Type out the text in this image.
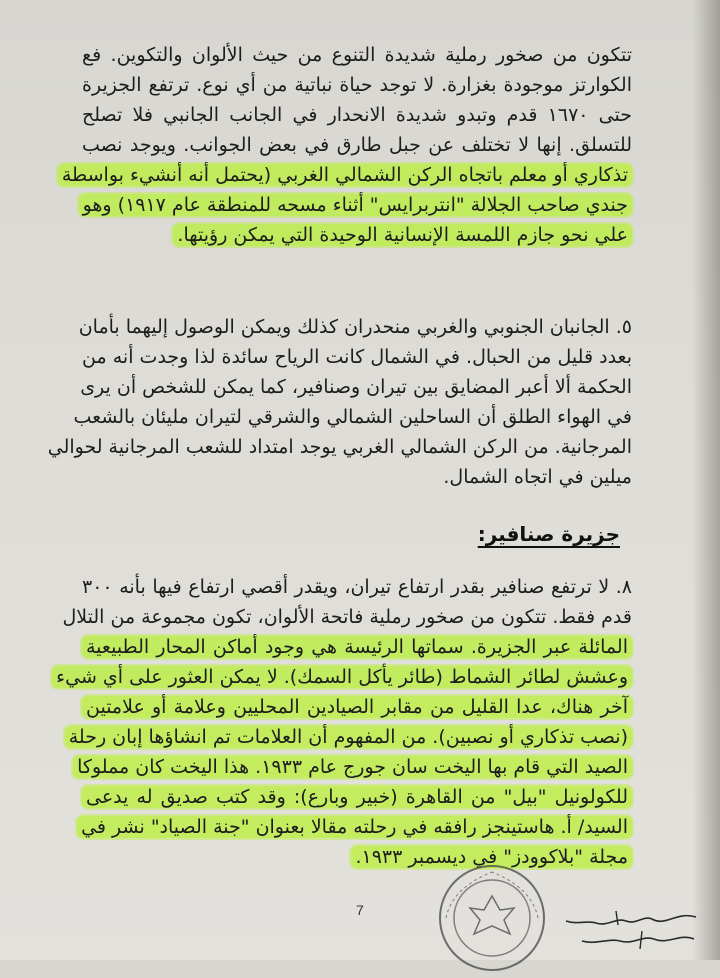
تتكون من صخور رملية شديدة التنوع من حيث الألوان والتكوين. فع
الكوارتز موجودة بغزارة. لا توجد حياة نباتية من أي نوع. ترتفع الجزيرة
حتى ١٦٧٠ قدم وتبدو شديدة الانحدار في الجانب الجانبي فلا تصلح
للتسلق. إنها لا تختلف عن جبل طارق في بعض الجوانب. ويوجد نصب
تذكاري أو معلم باتجاه الركن الشمالي الغربي (يحتمل أنه أنشيء بواسطة
جندي صاحب الجلالة "انتربرايس" أثناء مسحه للمنطقة عام ١٩١٧) وهو
علي نحو جازم اللمسة الإنسانية الوحيدة التي يمكن رؤيتها.
٥. الجانبان الجنوبي والغربي منحدران كذلك ويمكن الوصول إليهما بأمان
بعدد قليل من الحبال. في الشمال كانت الرياح سائدة لذا وجدت أنه من
الحكمة ألا أعبر المضايق بين تيران وصنافير، كما يمكن للشخص أن يرى
في الهواء الطلق أن الساحلين الشمالي والشرقي لتيران مليئان بالشعب
المرجانية. من الركن الشمالي الغربي يوجد امتداد للشعب المرجانية لحوالي
ميلين في اتجاه الشمال.
جزيرة صنافير:
٨. لا ترتفع صنافير بقدر ارتفاع تيران، ويقدر أقصي ارتفاع فيها بأنه ٣٠٠
قدم فقط. تتكون من صخور رملية فاتحة الألوان، تكون مجموعة من التلال
المائلة عبر الجزيرة. سماتها الرئيسة هي وجود أماكن المحار الطبيعية
وعشش لطائر الشماط (طائر يأكل السمك). لا يمكن العثور على أي شيء
آخر هناك، عدا القليل من مقابر الصيادين المحليين وعلامة أو علامتين
(نصب تذكاري أو نصبين). من المفهوم أن العلامات تم انشاؤها إبان رحلة
الصيد التي قام بها اليخت سان جورج عام ١٩٣٣. هذا اليخت كان مملوكا
للكولونيل "بيل" من القاهرة (خبير وبارع): وقد كتب صديق له يدعى
السيد/ أ. هاستينجز رافقه في رحلته مقالا بعنوان "جنة الصياد" نشر في
مجلة "بلاكوودز" في ديسمبر ١٩٣٣.
7
